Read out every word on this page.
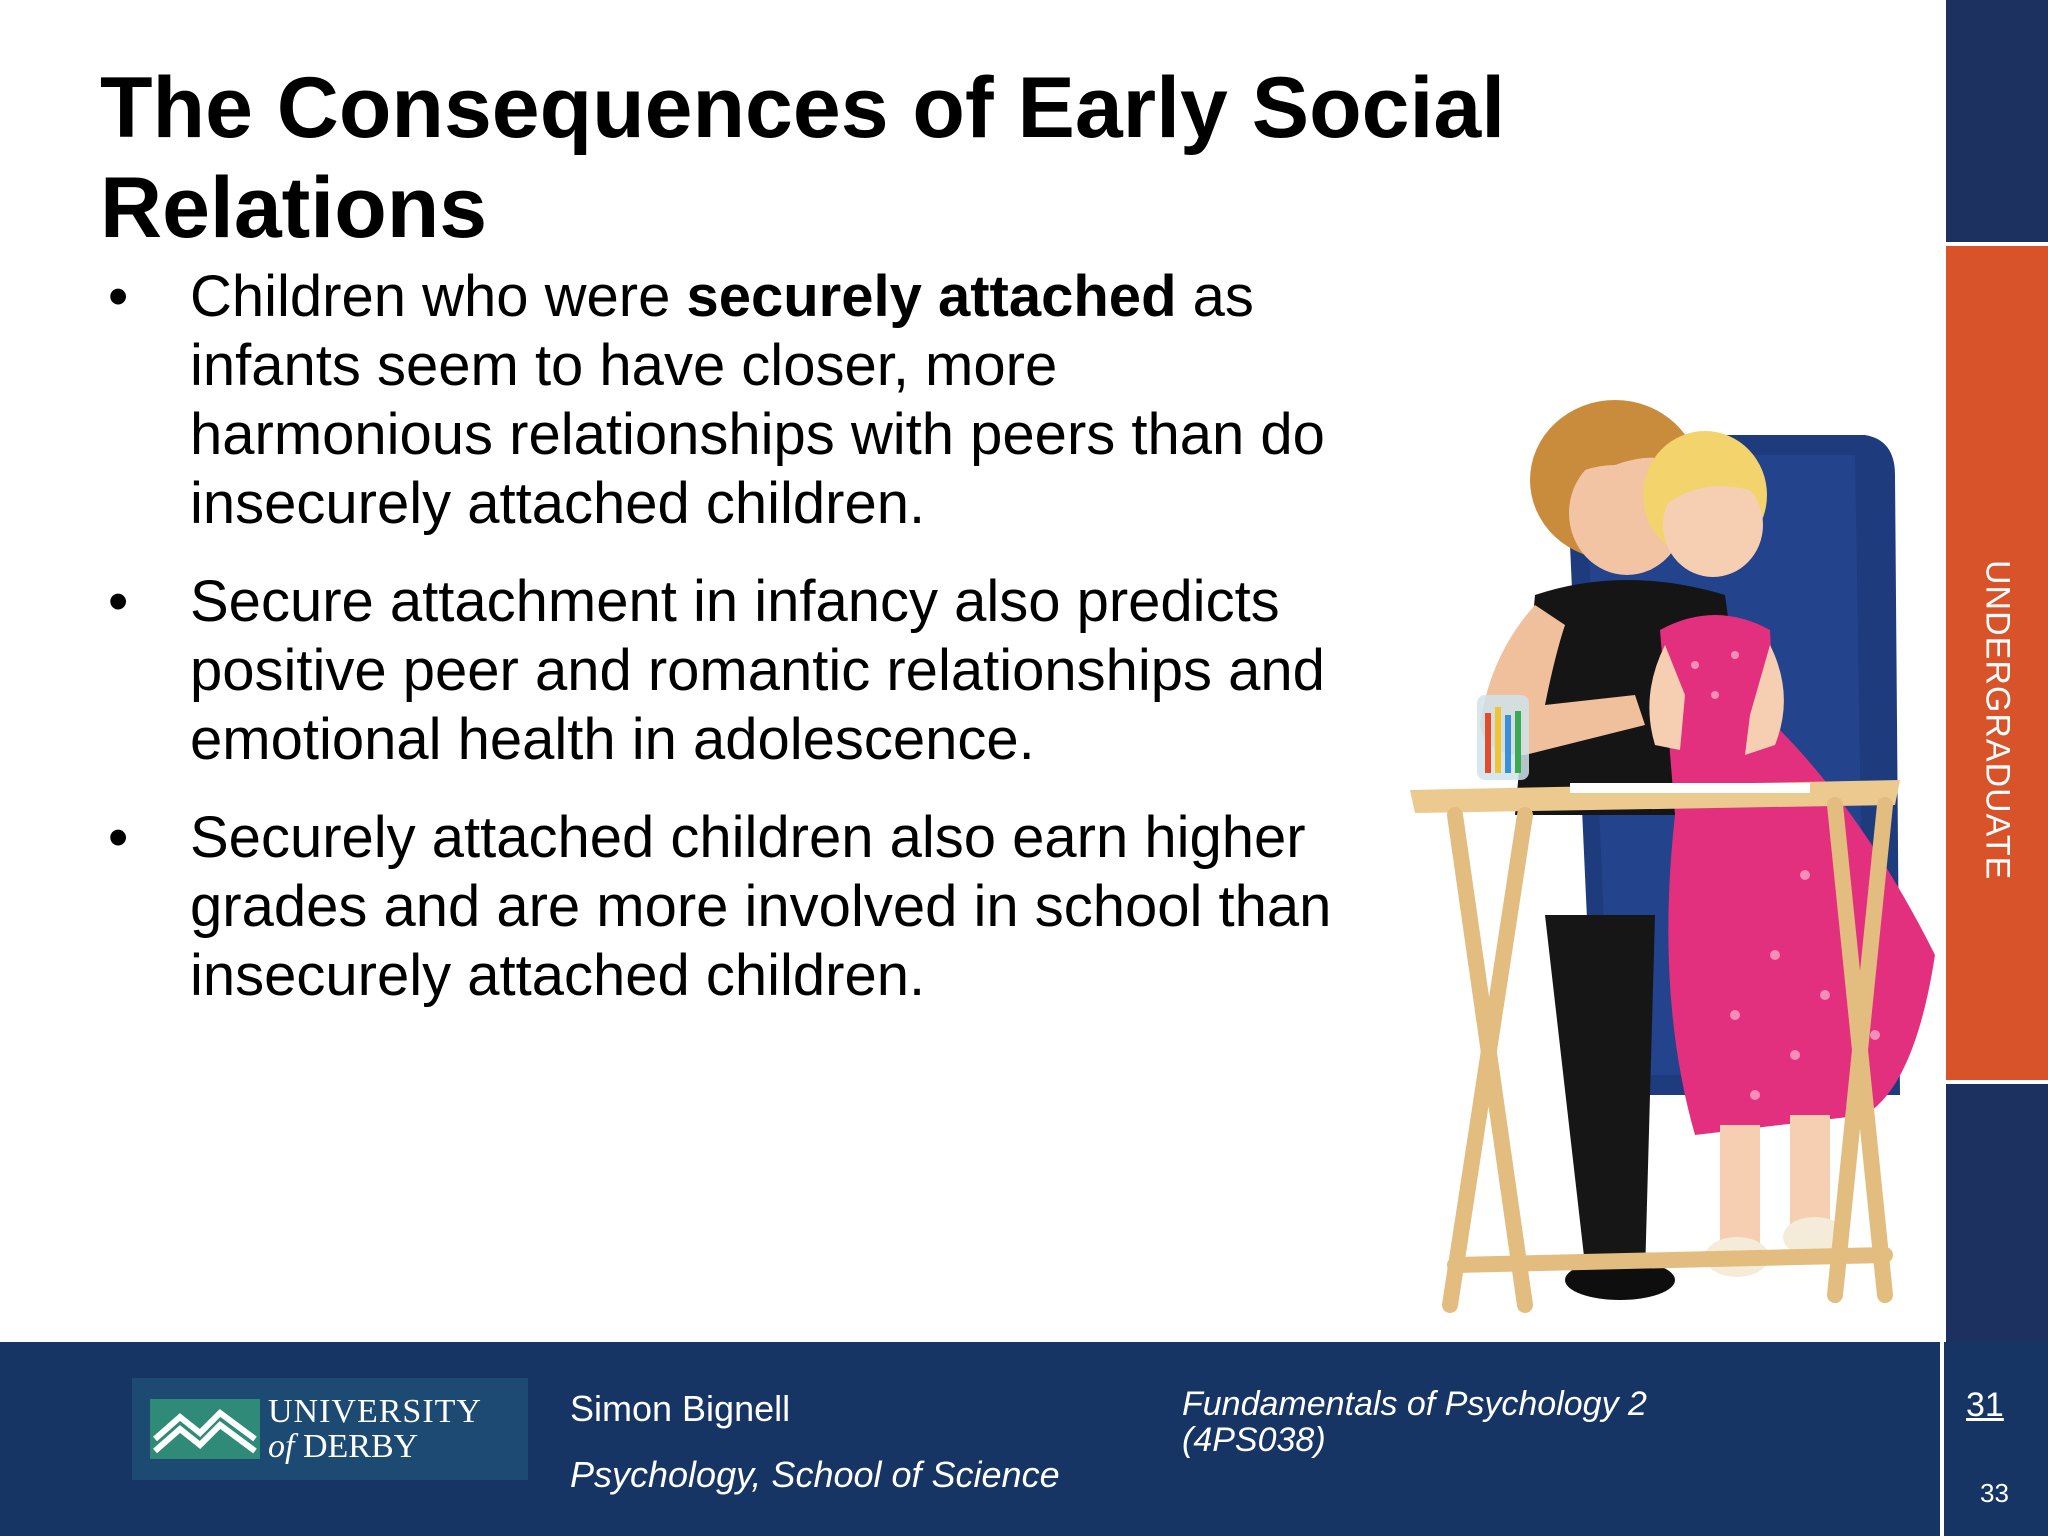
UNDERGRADUATE
The Consequences of Early Social Relations
• Children who were securely attached as infants seem to have closer, more harmonious relationships with peers than do insecurely attached children.
• Secure attachment in infancy also predicts positive peer and romantic relationships and emotional health in adolescence.
• Securely attached children also earn higher grades and are more involved in school than insecurely attached children.
UNIVERSITY
of DERBY
Simon Bignell
Psychology, School of Science
Fundamentals of Psychology 2 (4PS038)
31
33
